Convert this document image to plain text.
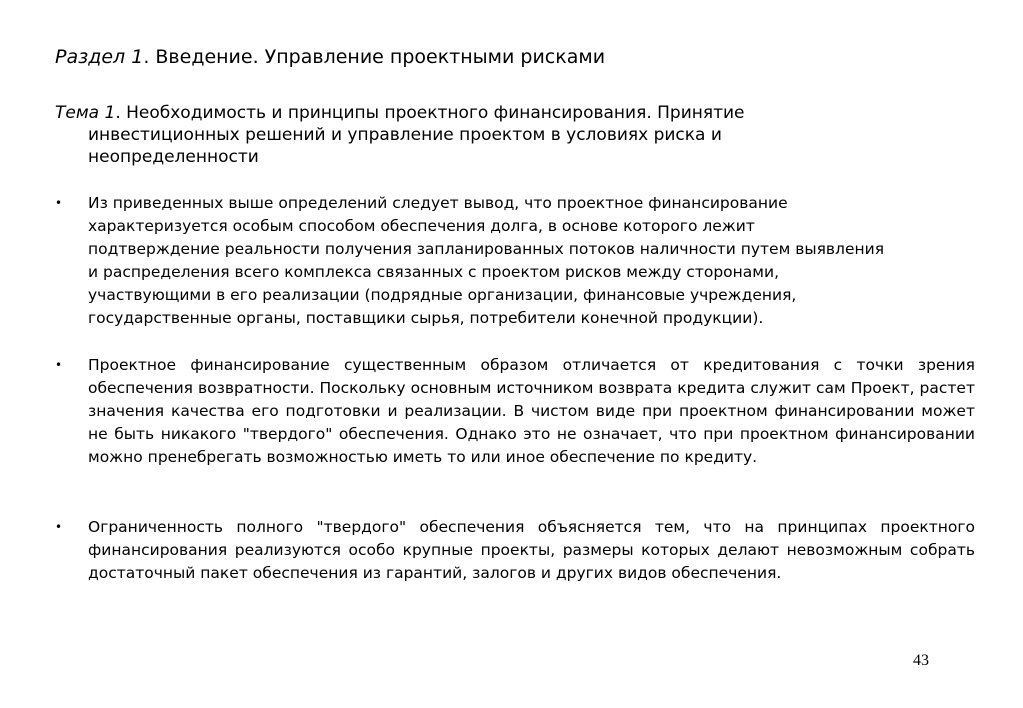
Раздел 1. Введение. Управление проектными рисками
Тема 1. Необходимость и принципы проектного финансирования. Принятие
инвестиционных решений и управление проектом в условиях риска и
неопределенности
•	Из приведенных выше определений следует вывод, что проектное финансирование
характеризуется особым способом обеспечения долга, в основе которого лежит
подтверждение реальности получения запланированных потоков наличности путем выявления
и распределения всего комплекса связанных с проектом рисков между сторонами,
участвующими в его реализации (подрядные организации, финансовые учреждения,
государственные органы, поставщики сырья, потребители конечной продукции).
•	Проектное финансирование существенным образом отличается от кредитования с точки зрения обеспечения возвратности. Поскольку основным источником возврата кредита служит сам Проект, растет значения качества его подготовки и реализации. В чистом виде при проектном финансировании может не быть никакого "твердого" обеспечения. Однако это не означает, что при проектном финансировании можно пренебрегать возможностью иметь то или иное обеспечение по кредиту.
•	Ограниченность полного "твердого" обеспечения объясняется тем, что на принципах проектного финансирования реализуются особо крупные проекты, размеры которых делают невозможным собрать достаточный пакет обеспечения из гарантий, залогов и других видов обеспечения.
43
